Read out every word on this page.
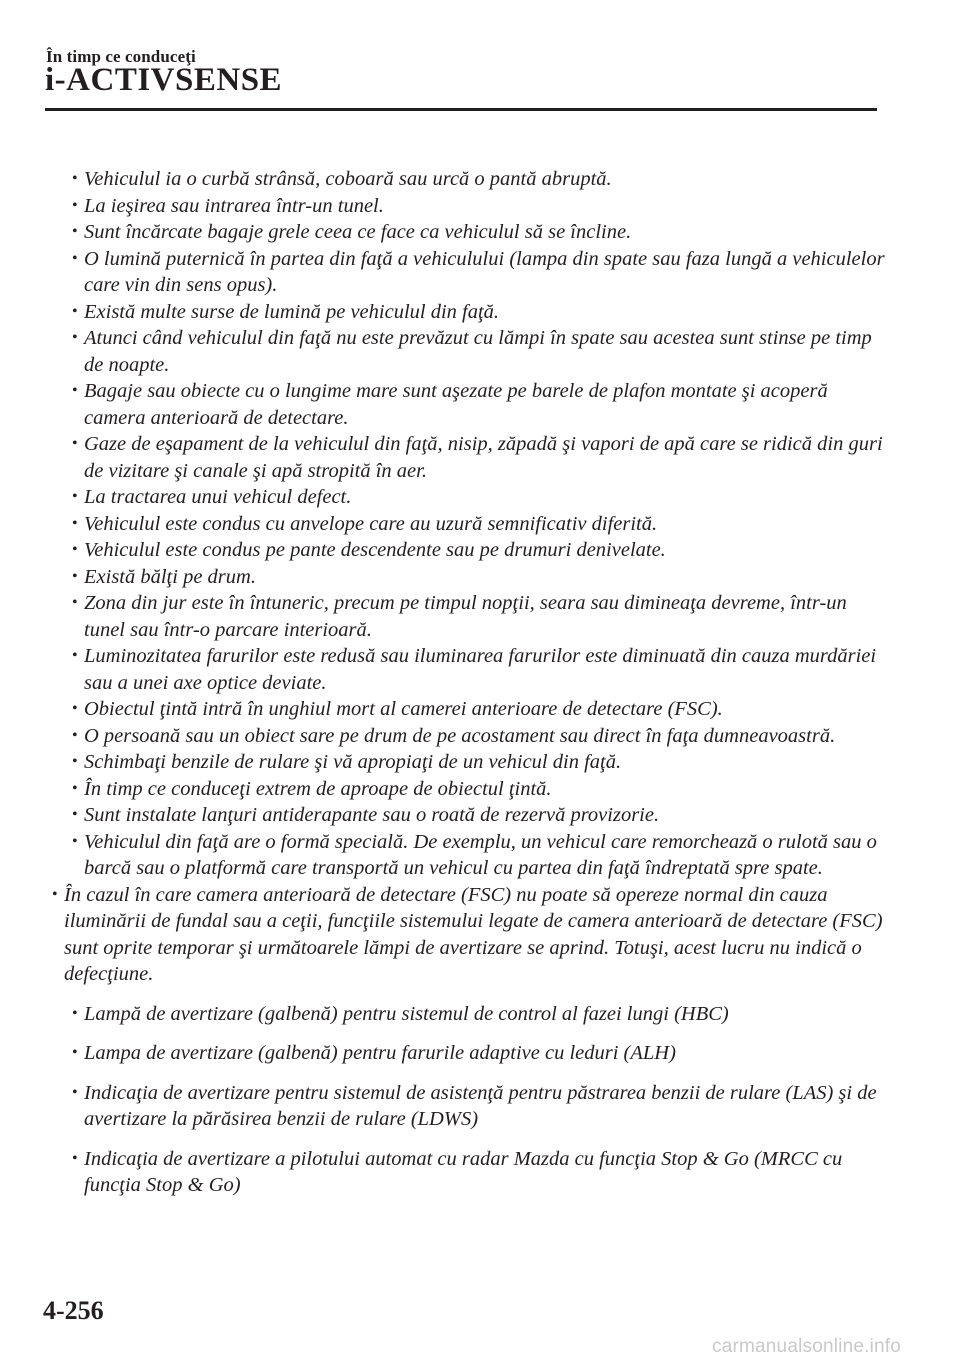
În timp ce conduceţi
i-ACTIVSENSE
• Vehiculul ia o curbă strânsă, coboară sau urcă o pantă abruptă.
• La ieşirea sau intrarea într-un tunel.
• Sunt încărcate bagaje grele ceea ce face ca vehiculul să se încline.
• O lumină puternică în partea din faţă a vehiculului (lampa din spate sau faza lungă a vehiculelor care vin din sens opus).
• Există multe surse de lumină pe vehiculul din faţă.
• Atunci când vehiculul din faţă nu este prevăzut cu lămpi în spate sau acestea sunt stinse pe timp de noapte.
• Bagaje sau obiecte cu o lungime mare sunt aşezate pe barele de plafon montate şi acoperă camera anterioară de detectare.
• Gaze de eşapament de la vehiculul din faţă, nisip, zăpadă şi vapori de apă care se ridică din guri de vizitare şi canale şi apă stropită în aer.
• La tractarea unui vehicul defect.
• Vehiculul este condus cu anvelope care au uzură semnificativ diferită.
• Vehiculul este condus pe pante descendente sau pe drumuri denivelate.
• Există bălţi pe drum.
• Zona din jur este în întuneric, precum pe timpul nopţii, seara sau dimineaţa devreme, într-un tunel sau într-o parcare interioară.
• Luminozitatea farurilor este redusă sau iluminarea farurilor este diminuată din cauza murdăriei sau a unei axe optice deviate.
• Obiectul ţintă intră în unghiul mort al camerei anterioare de detectare (FSC).
• O persoană sau un obiect sare pe drum de pe acostament sau direct în faţa dumneavoastră.
• Schimbaţi benzile de rulare şi vă apropiaţi de un vehicul din faţă.
• În timp ce conduceţi extrem de aproape de obiectul ţintă.
• Sunt instalate lanţuri antiderapante sau o roată de rezervă provizorie.
• Vehiculul din faţă are o formă specială. De exemplu, un vehicul care remorchează o rulotă sau o barcă sau o platformă care transportă un vehicul cu partea din faţă îndreptată spre spate.
• În cazul în care camera anterioară de detectare (FSC) nu poate să opereze normal din cauza iluminării de fundal sau a ceţii, funcţiile sistemului legate de camera anterioară de detectare (FSC) sunt oprite temporar şi următoarele lămpi de avertizare se aprind. Totuşi, acest lucru nu indică o defecţiune.
• Lampă de avertizare (galbenă) pentru sistemul de control al fazei lungi (HBC)
• Lampa de avertizare (galbenă) pentru farurile adaptive cu leduri (ALH)
• Indicaţia de avertizare pentru sistemul de asistenţă pentru păstrarea benzii de rulare (LAS) şi de avertizare la părăsirea benzii de rulare (LDWS)
• Indicaţia de avertizare a pilotului automat cu radar Mazda cu funcţia Stop & Go (MRCC cu funcţia Stop & Go)
4-256
carmanualsonline.info
